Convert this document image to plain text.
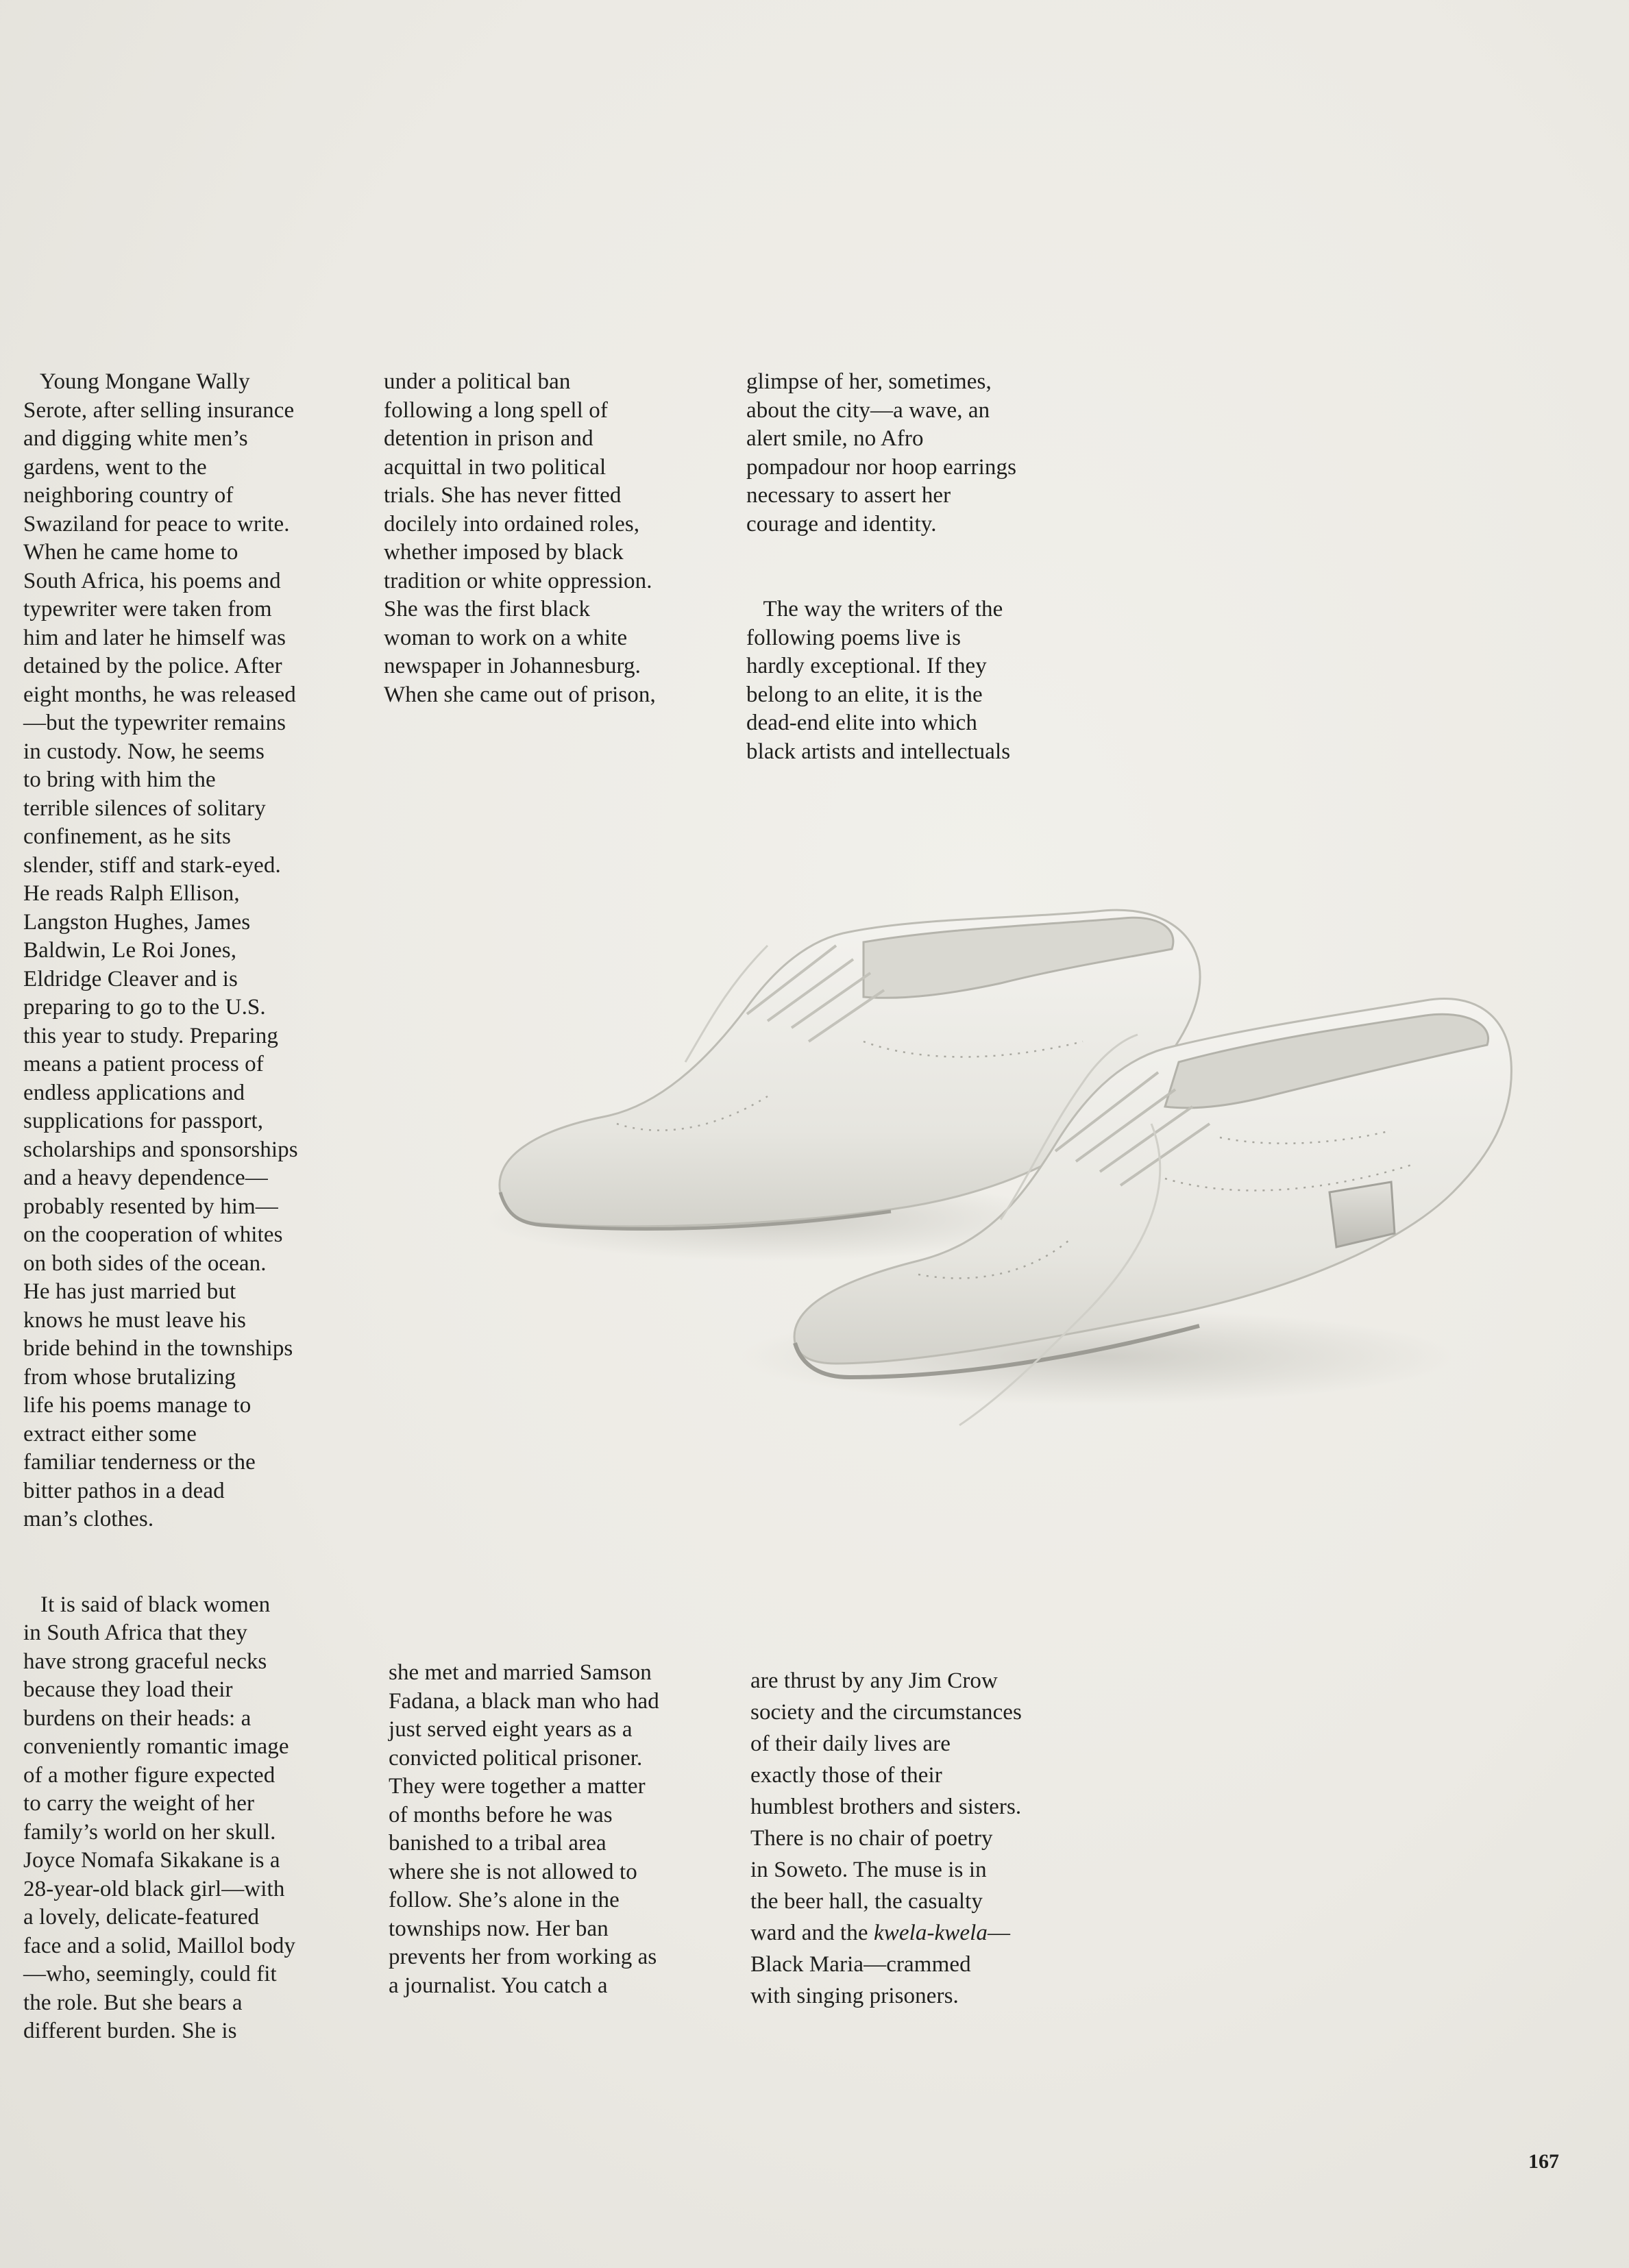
Young Mongane Wally
Serote, after selling insurance
and digging white men’s
gardens, went to the
neighboring country of
Swaziland for peace to write.
When he came home to
South Africa, his poems and
typewriter were taken from
him and later he himself was
detained by the police. After
eight months, he was released
—but the typewriter remains
in custody. Now, he seems
to bring with him the
terrible silences of solitary
confinement, as he sits
slender, stiff and stark-eyed.
He reads Ralph Ellison,
Langston Hughes, James
Baldwin, Le Roi Jones,
Eldridge Cleaver and is
preparing to go to the U.S.
this year to study. Preparing
means a patient process of
endless applications and
supplications for passport,
scholarships and sponsorships
and a heavy dependence—
probably resented by him—
on the cooperation of whites
on both sides of the ocean.
He has just married but
knows he must leave his
bride behind in the townships
from whose brutalizing
life his poems manage to
extract either some
familiar tenderness or the
bitter pathos in a dead
man’s clothes.

It is said of black women
in South Africa that they
have strong graceful necks
because they load their
burdens on their heads: a
conveniently romantic image
of a mother figure expected
to carry the weight of her
family’s world on her skull.
Joyce Nomafa Sikakane is a
28-year-old black girl—with
a lovely, delicate-featured
face and a solid, Maillol body
—who, seemingly, could fit
the role. But she bears a
different burden. She is

under a political ban
following a long spell of
detention in prison and
acquittal in two political
trials. She has never fitted
docilely into ordained roles,
whether imposed by black
tradition or white oppression.
She was the first black
woman to work on a white
newspaper in Johannesburg.
When she came out of prison,

glimpse of her, sometimes,
about the city—a wave, an
alert smile, no Afro
pompadour nor hoop earrings
necessary to assert her
courage and identity.

The way the writers of the
following poems live is
hardly exceptional. If they
belong to an elite, it is the
dead-end elite into which
black artists and intellectuals

she met and married Samson
Fadana, a black man who had
just served eight years as a
convicted political prisoner.
They were together a matter
of months before he was
banished to a tribal area
where she is not allowed to
follow. She’s alone in the
townships now. Her ban
prevents her from working as
a journalist. You catch a

are thrust by any Jim Crow
society and the circumstances
of their daily lives are
exactly those of their
humblest brothers and sisters.
There is no chair of poetry
in Soweto. The muse is in
the beer hall, the casualty
ward and the kwela-kwela—
Black Maria—crammed
with singing prisoners.

167
